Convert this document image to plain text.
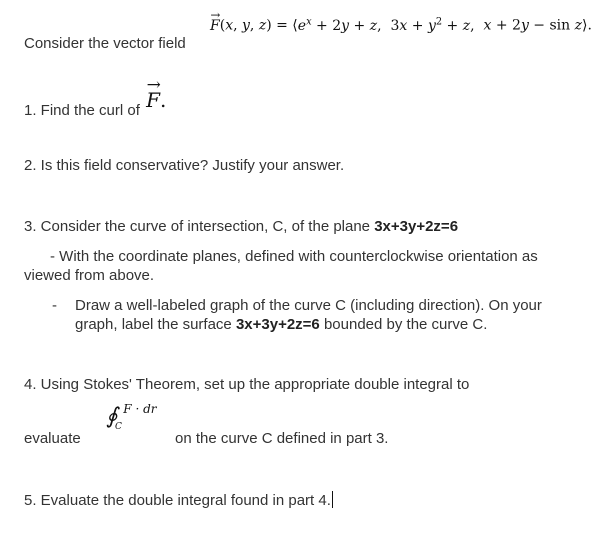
→ F(x, y, $z) = ⟨e^x + 2y + z$, $3x + y^2 + z$, x + 2y − sin z⟩.
Consider the vector field
1. Find the curl of → F.
2. Is this field conservative? Justify your answer.
3. Consider the curve of intersection, C, of the plane 3x+3y+2z=6
- With the coordinate planes, defined with counterclockwise orientation as
viewed from above.
- Draw a well-labeled graph of the curve C (including direction). On your
graph, label the surface 3x+3y+2z=6 bounded by the curve C.
4. Using Stokes' Theorem, set up the appropriate double integral to
∮
C
F · dr
evaluate	on the curve C defined in part 3.
5. Evaluate the double integral found in part 4.
